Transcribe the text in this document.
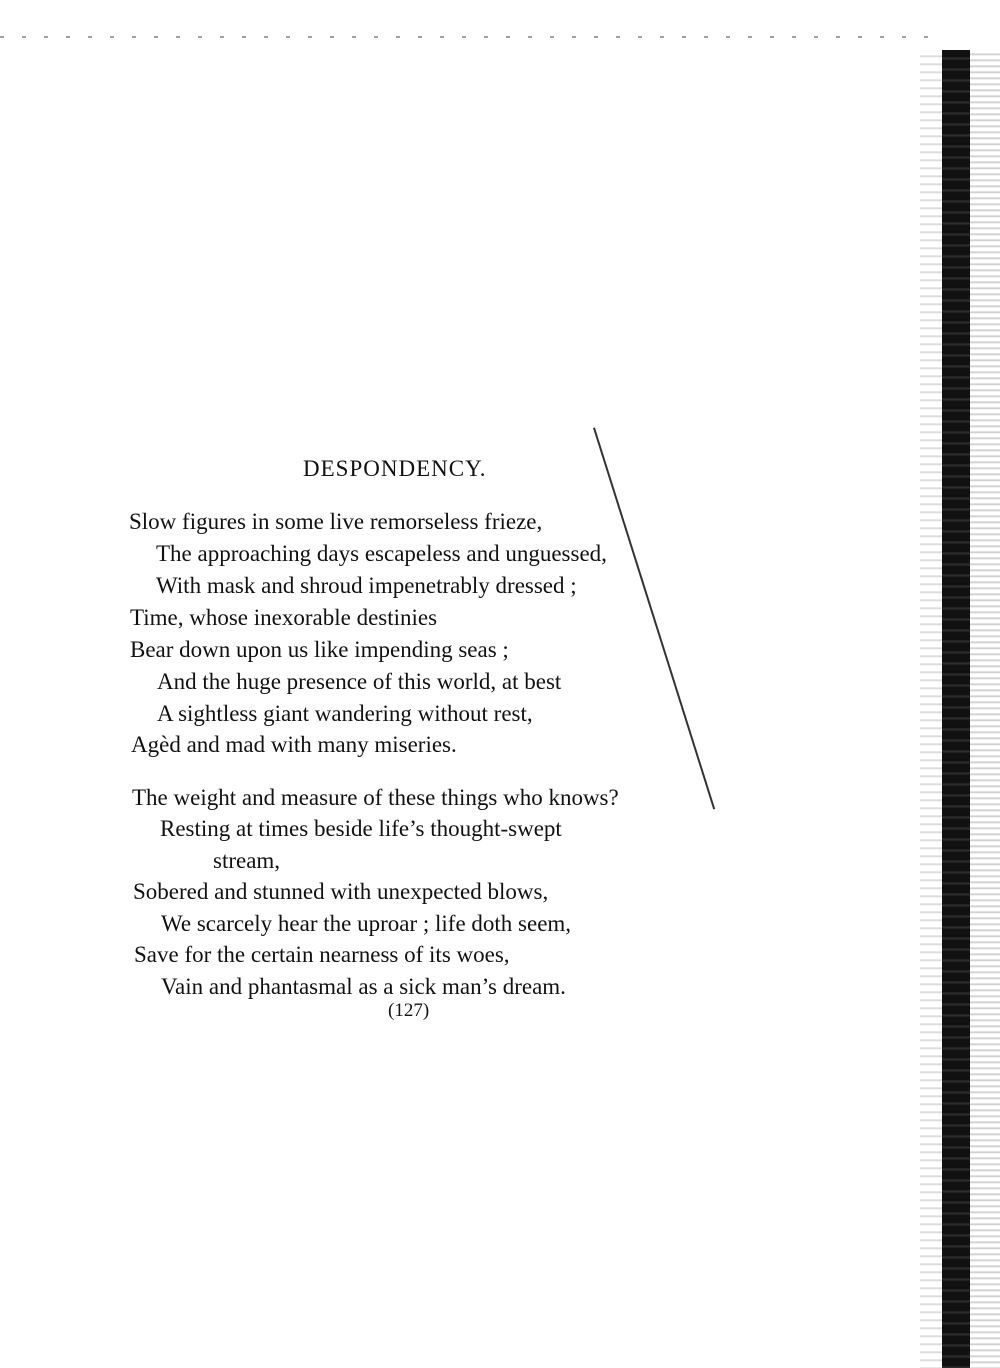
DESPONDENCY.
Slow figures in some live remorseless frieze,
The approaching days escapeless and unguessed,
With mask and shroud impenetrably dressed ;
Time, whose inexorable destinies
Bear down upon us like impending seas ;
And the huge presence of this world, at best
A sightless giant wandering without rest,
Agèd and mad with many miseries.
The weight and measure of these things who knows?
Resting at times beside life’s thought-swept
stream,
Sobered and stunned with unexpected blows,
We scarcely hear the uproar ; life doth seem,
Save for the certain nearness of its woes,
Vain and phantasmal as a sick man’s dream.
(127)
